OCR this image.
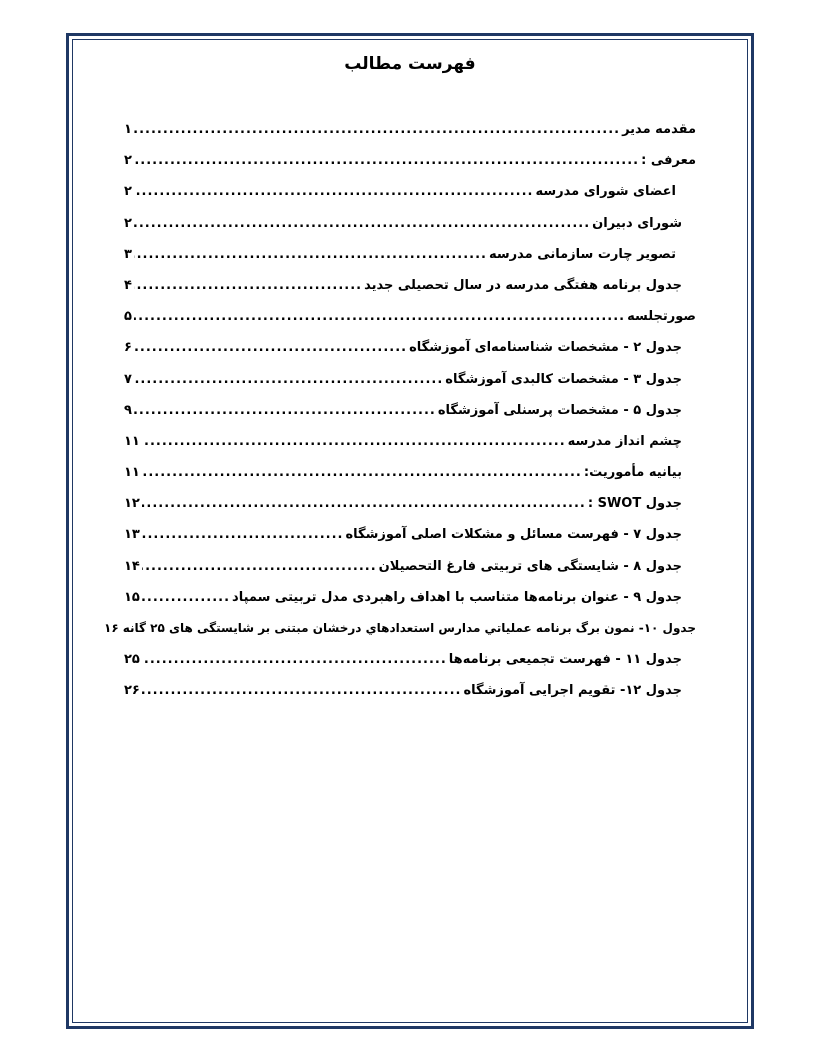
فهرست مطالب
مقدمه مدیر
.....
۱
معرفی :
.....
۲
اعضای شورای مدرسه
.....
۲
شورای دبیران
.....
۲
تصویر چارت سازمانی مدرسه
.....
۳
جدول برنامه هفتگی مدرسه در سال تحصیلی جدید
.....
۴
صورتجلسه
.....
۵
جدول ۲ - مشخصات شناسنامه‌ای آموزشگاه
.....
۶
جدول ۳ - مشخصات کالبدی آموزشگاه
.....
۷
جدول ۵ - مشخصات پرسنلی آموزشگاه
.....
۹
چشم انداز مدرسه
.....
۱۱
بیانیه مأموریت:
.....
۱۱
جدول SWOT :
.....
۱۲
جدول ۷ - فهرست مسائل و مشکلات اصلی آموزشگاه
.....
۱۳
جدول ۸ - شایستگی های تربیتی فارغ التحصیلان
.....
۱۴
جدول ۹ - عنوان برنامه‌ها متناسب با اهداف راهبردی مدل تربیتی سمپاد
.....
۱۵
جدول ۱۰- نمون برگ برنامه عملیاتي مدارس استعدادهاي درخشان مبتنی بر شایستگی های ۲۵ گانه
۱۶
جدول ۱۱ - فهرست تجمیعی برنامه‌ها
.....
۲۵
جدول ۱۲- تقویم اجرایی آموزشگاه
.....
۲۶
